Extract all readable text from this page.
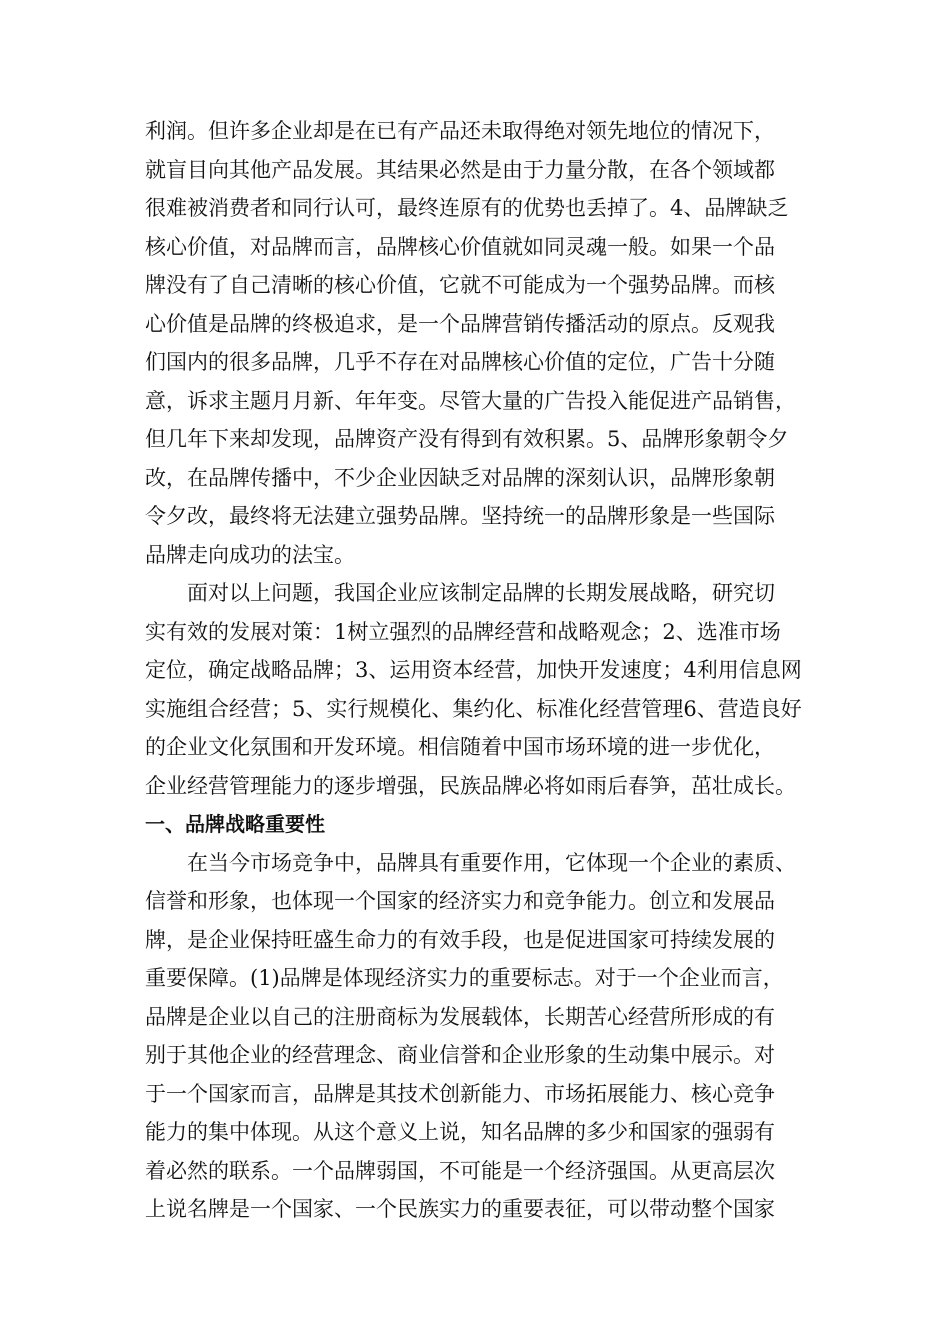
利润。但许多企业却是在已有产品还未取得绝对领先地位的情况下，
就盲目向其他产品发展。其结果必然是由于力量分散，在各个领域都
很难被消费者和同行认可，最终连原有的优势也丢掉了。4、品牌缺乏
核心价值，对品牌而言，品牌核心价值就如同灵魂一般。如果一个品
牌没有了自己清晰的核心价值，它就不可能成为一个强势品牌。而核
心价值是品牌的终极追求，是一个品牌营销传播活动的原点。反观我
们国内的很多品牌，几乎不存在对品牌核心价值的定位，广告十分随
意，诉求主题月月新、年年变。尽管大量的广告投入能促进产品销售，
但几年下来却发现，品牌资产没有得到有效积累。5、品牌形象朝令夕
改，在品牌传播中，不少企业因缺乏对品牌的深刻认识，品牌形象朝
令夕改，最终将无法建立强势品牌。坚持统一的品牌形象是一些国际
品牌走向成功的法宝。
面对以上问题，我国企业应该制定品牌的长期发展战略，研究切
实有效的发展对策：1树立强烈的品牌经营和战略观念；2、选准市场
定位，确定战略品牌；3、运用资本经营，加快开发速度；4利用信息网
实施组合经营；5、实行规模化、集约化、标准化经营管理6、营造良好
的企业文化氛围和开发环境。相信随着中国市场环境的进一步优化，
企业经营管理能力的逐步增强，民族品牌必将如雨后春笋，茁壮成长。
一、品牌战略重要性
在当今市场竞争中，品牌具有重要作用，它体现一个企业的素质、
信誉和形象，也体现一个国家的经济实力和竞争能力。创立和发展品
牌，是企业保持旺盛生命力的有效手段，也是促进国家可持续发展的
重要保障。(1)品牌是体现经济实力的重要标志。对于一个企业而言，
品牌是企业以自己的注册商标为发展载体，长期苦心经营所形成的有
别于其他企业的经营理念、商业信誉和企业形象的生动集中展示。对
于一个国家而言，品牌是其技术创新能力、市场拓展能力、核心竞争
能力的集中体现。从这个意义上说，知名品牌的多少和国家的强弱有
着必然的联系。一个品牌弱国，不可能是一个经济强国。从更高层次
上说名牌是一个国家、一个民族实力的重要表征，可以带动整个国家
